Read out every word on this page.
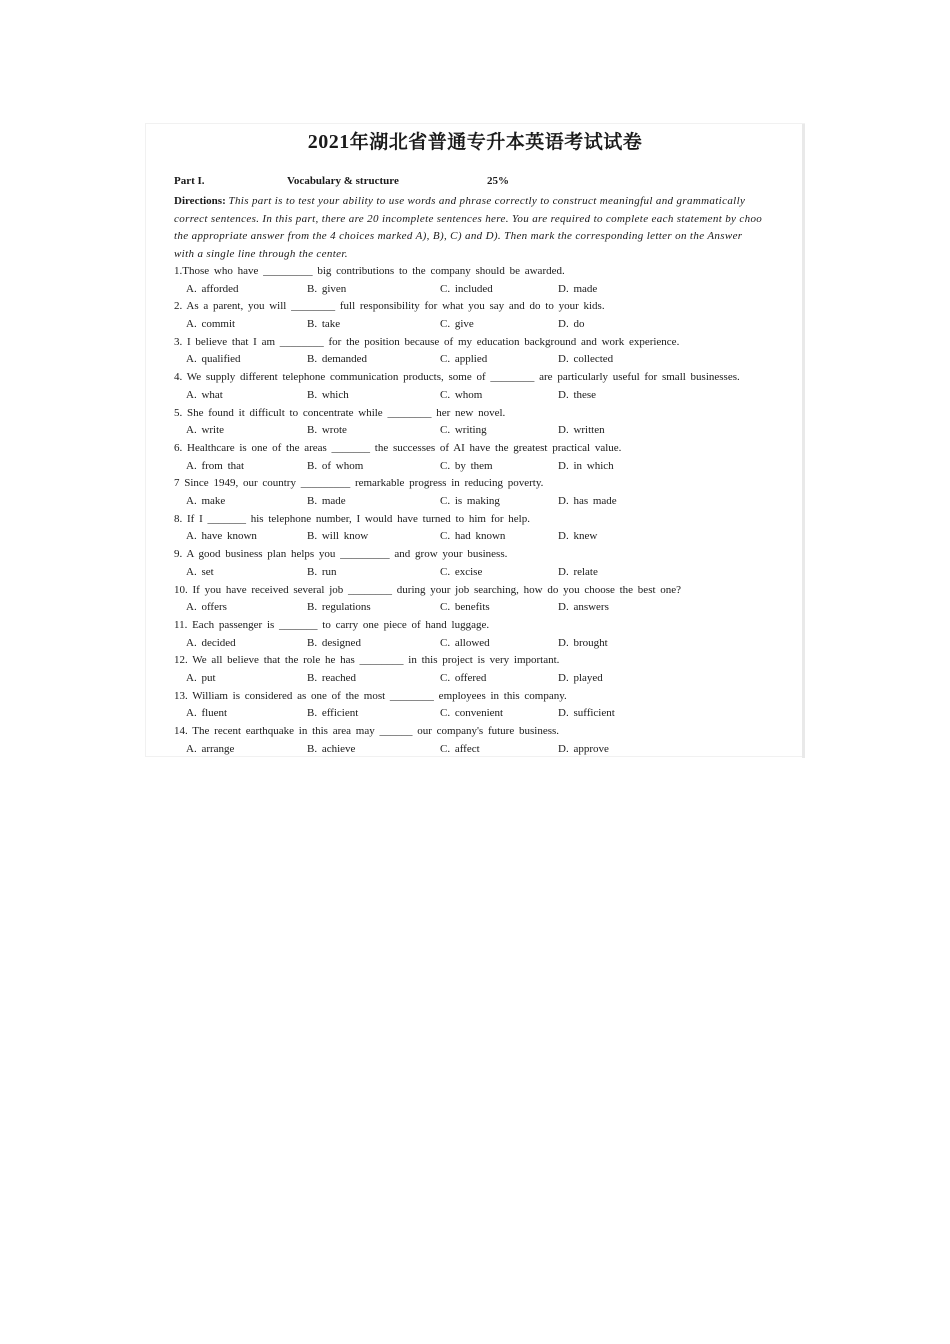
2021年湖北省普通专升本英语考试试卷
Part I.	Vocabulary & structure	25%
Directions: This part is to test your ability to use words and phrase correctly to construct meaningful and grammatically
correct sentences. In this part, there are 20 incomplete sentences here. You are required to complete each statement by choo
the appropriate answer from the 4 choices marked A), B), C) and D). Then mark the corresponding letter on the Answer
with a single line through the center.
1.Those who have _________ big contributions to the company should be awarded.
A. afforded	B. given	C. included	D. made
2. As a parent, you will ________ full responsibility for what you say and do to your kids.
A. commit	B. take	C. give	D. do
3. I believe that I am ________ for the position because of my education background and work experience.
A. qualified	B. demanded	C. applied	D. collected
4. We supply different telephone communication products, some of ________ are particularly useful for small businesses.
A. what	B. which	C. whom	D. these
5. She found it difficult to concentrate while ________ her new novel.
A. write	B. wrote	C. writing	D. written
6. Healthcare is one of the areas _______ the successes of AI have the greatest practical value.
A. from that	B. of whom	C. by them	D. in which
7 Since 1949, our country _________ remarkable progress in reducing poverty.
A. make	B. made	C. is making	D. has made
8. If I _______ his telephone number, I would have turned to him for help.
A. have known	B. will know	C. had known	D. knew
9. A good business plan helps you _________ and grow your business.
A. set	B. run	C. excise	D. relate
10. If you have received several job ________ during your job searching, how do you choose the best one?
A. offers	B. regulations	C. benefits	D. answers
11. Each passenger is _______ to carry one piece of hand luggage.
A. decided	B. designed	C. allowed	D. brought
12. We all believe that the role he has ________ in this project is very important.
A. put	B. reached	C. offered	D. played
13. William is considered as one of the most ________ employees in this company.
A. fluent	B. efficient	C. convenient	D. sufficient
14. The recent earthquake in this area may ______ our company's future business.
A. arrange	B. achieve	C. affect	D. approve
